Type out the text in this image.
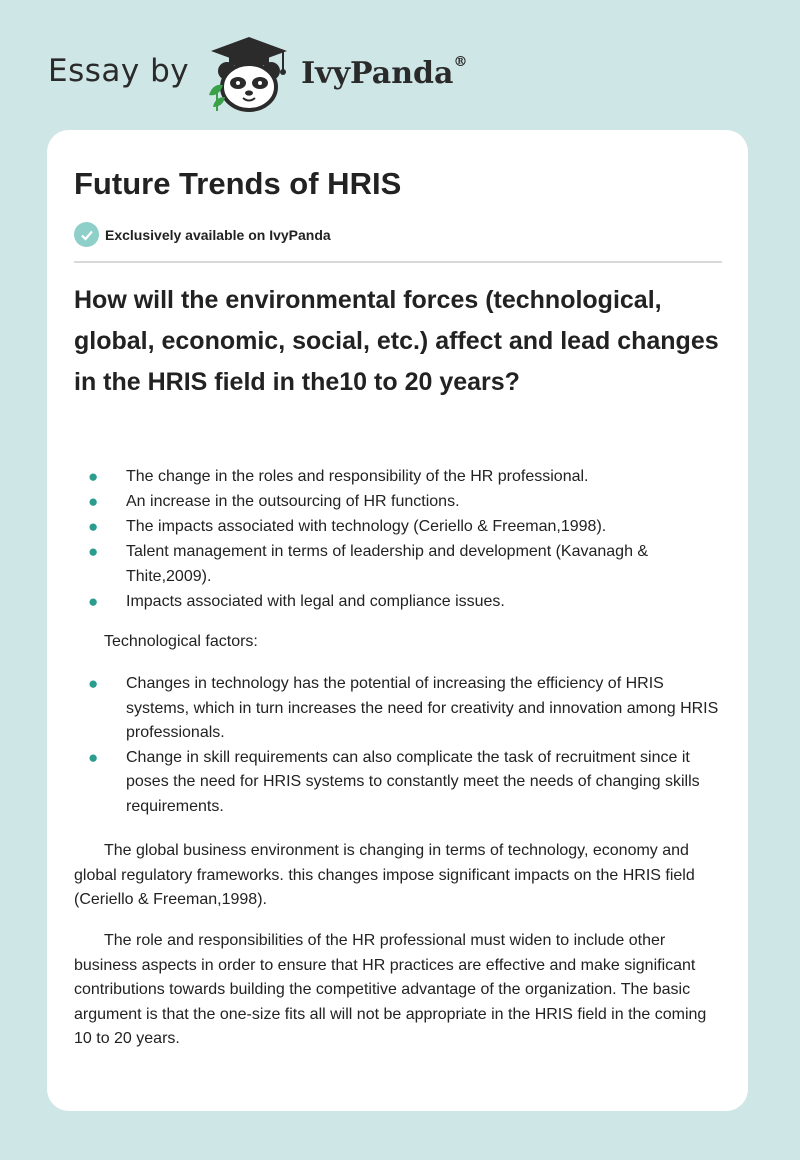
Essay by	IvyPanda®
Future Trends of HRIS
Exclusively available on IvyPanda
How will the environmental forces (technological, global, economic, social, etc.) affect and lead changes in the HRIS field in the10 to 20 years?
● The change in the roles and responsibility of the HR professional.
● An increase in the outsourcing of HR functions.
● The impacts associated with technology (Ceriello & Freeman,1998).
● Talent management in terms of leadership and development (Kavanagh & Thite,2009).
● Impacts associated with legal and compliance issues.
Technological factors:
● Changes in technology has the potential of increasing the efficiency of HRIS systems, which in turn increases the need for creativity and innovation among HRIS professionals.
● Change in skill requirements can also complicate the task of recruitment since it poses the need for HRIS systems to constantly meet the needs of changing skills requirements.

The global business environment is changing in terms of technology, economy and global regulatory frameworks. this changes impose significant impacts on the HRIS field (Ceriello & Freeman,1998).

The role and responsibilities of the HR professional must widen to include other business aspects in order to ensure that HR practices are effective and make significant contributions towards building the competitive advantage of the organization. The basic argument is that the one-size fits all will not be appropriate in the HRIS field in the coming 10 to 20 years.
